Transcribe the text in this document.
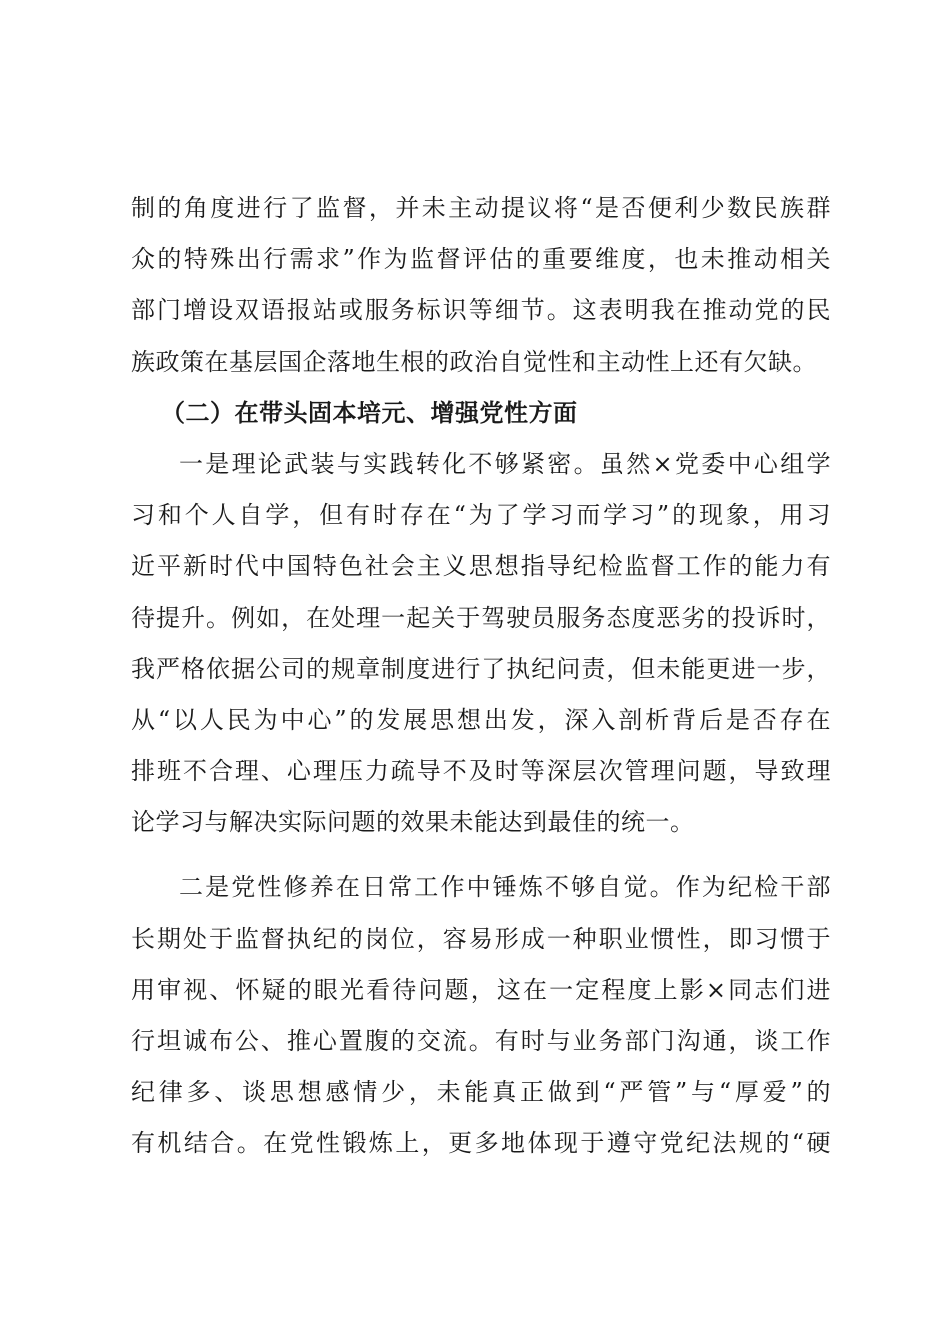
制的角度进行了监督，并未主动提议将“是否便利少数民族群
众的特殊出行需求”作为监督评估的重要维度，也未推动相关
部门增设双语报站或服务标识等细节。这表明我在推动党的民
族政策在基层国企落地生根的政治自觉性和主动性上还有欠缺。
（二）在带头固本培元、增强党性方面
一是理论武装与实践转化不够紧密。虽然×党委中心组学
习和个人自学，但有时存在“为了学习而学习”的现象，用习
近平新时代中国特色社会主义思想指导纪检监督工作的能力有
待提升。例如，在处理一起关于驾驶员服务态度恶劣的投诉时，
我严格依据公司的规章制度进行了执纪问责，但未能更进一步，
从“以人民为中心”的发展思想出发，深入剖析背后是否存在
排班不合理、心理压力疏导不及时等深层次管理问题，导致理
论学习与解决实际问题的效果未能达到最佳的统一。
二是党性修养在日常工作中锤炼不够自觉。作为纪检干部
长期处于监督执纪的岗位，容易形成一种职业惯性，即习惯于
用审视、怀疑的眼光看待问题，这在一定程度上影×同志们进
行坦诚布公、推心置腹的交流。有时与业务部门沟通，谈工作
纪律多、谈思想感情少，未能真正做到“严管”与“厚爱”的
有机结合。在党性锻炼上，更多地体现于遵守党纪法规的“硬
